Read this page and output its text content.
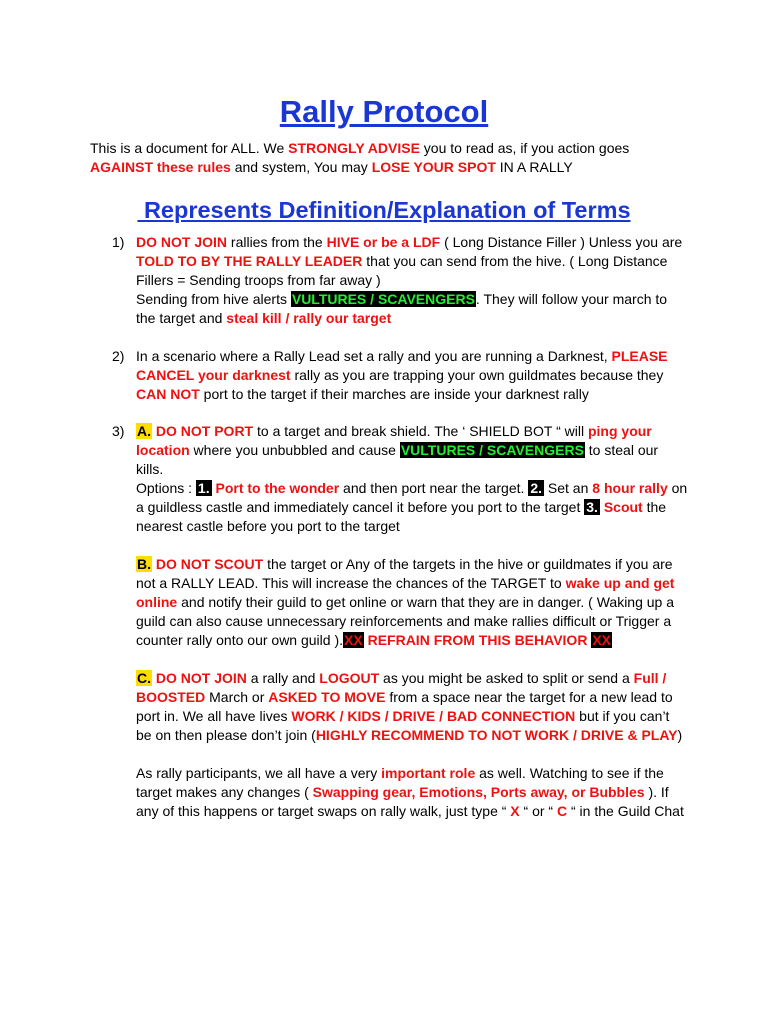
Rally Protocol

This is a document for ALL. We STRONGLY ADVISE you to read as, if you action goes

AGAINST these rules and system, You may LOSE YOUR SPOT IN A RALLY

Represents Definition/Explanation of Terms
1) DO NOT JOIN rallies from the HIVE or be a LDF ( Long Distance Filler ) Unless you are

TOLD TO BY THE RALLY LEADER that you can send from the hive. ( Long Distance

Fillers = Sending troops from far away )

Sending from hive alerts VULTURES / SCAVENGERS. They will follow your march to

the target and steal kill / rally our target

2) In a scenario where a Rally Lead set a rally and you are running a Darknest, PLEASE

CANCEL your darknest rally as you are trapping your own guildmates because they

CAN NOT port to the target if their marches are inside your darknest rally

3) A. DO NOT PORT to a target and break shield. The ‘ SHIELD BOT “ will ping your

location where you unbubbled and cause VULTURES / SCAVENGERS to steal our

kills.

Options : 1. Port to the wonder and then port near the target. 2. Set an 8 hour rally on

a guildless castle and immediately cancel it before you port to the target 3. Scout the

nearest castle before you port to the target

B. DO NOT SCOUT the target or Any of the targets in the hive or guildmates if you are

not a RALLY LEAD. This will increase the chances of the TARGET to wake up and get

online and notify their guild to get online or warn that they are in danger. ( Waking up a

guild can also cause unnecessary reinforcements and make rallies difficult or Trigger a

counter rally onto our own guild ).XX REFRAIN FROM THIS BEHAVIOR XX

C. DO NOT JOIN a rally and LOGOUT as you might be asked to split or send a Full /

BOOSTED March or ASKED TO MOVE from a space near the target for a new lead to

port in. We all have lives WORK / KIDS / DRIVE / BAD CONNECTION but if you can’t

be on then please don’t join (HIGHLY RECOMMEND TO NOT WORK / DRIVE & PLAY)

As rally participants, we all have a very important role as well. Watching to see if the

target makes any changes ( Swapping gear, Emotions, Ports away, or Bubbles ). If

any of this happens or target swaps on rally walk, just type “ X “ or “ C “ in the Guild Chat
